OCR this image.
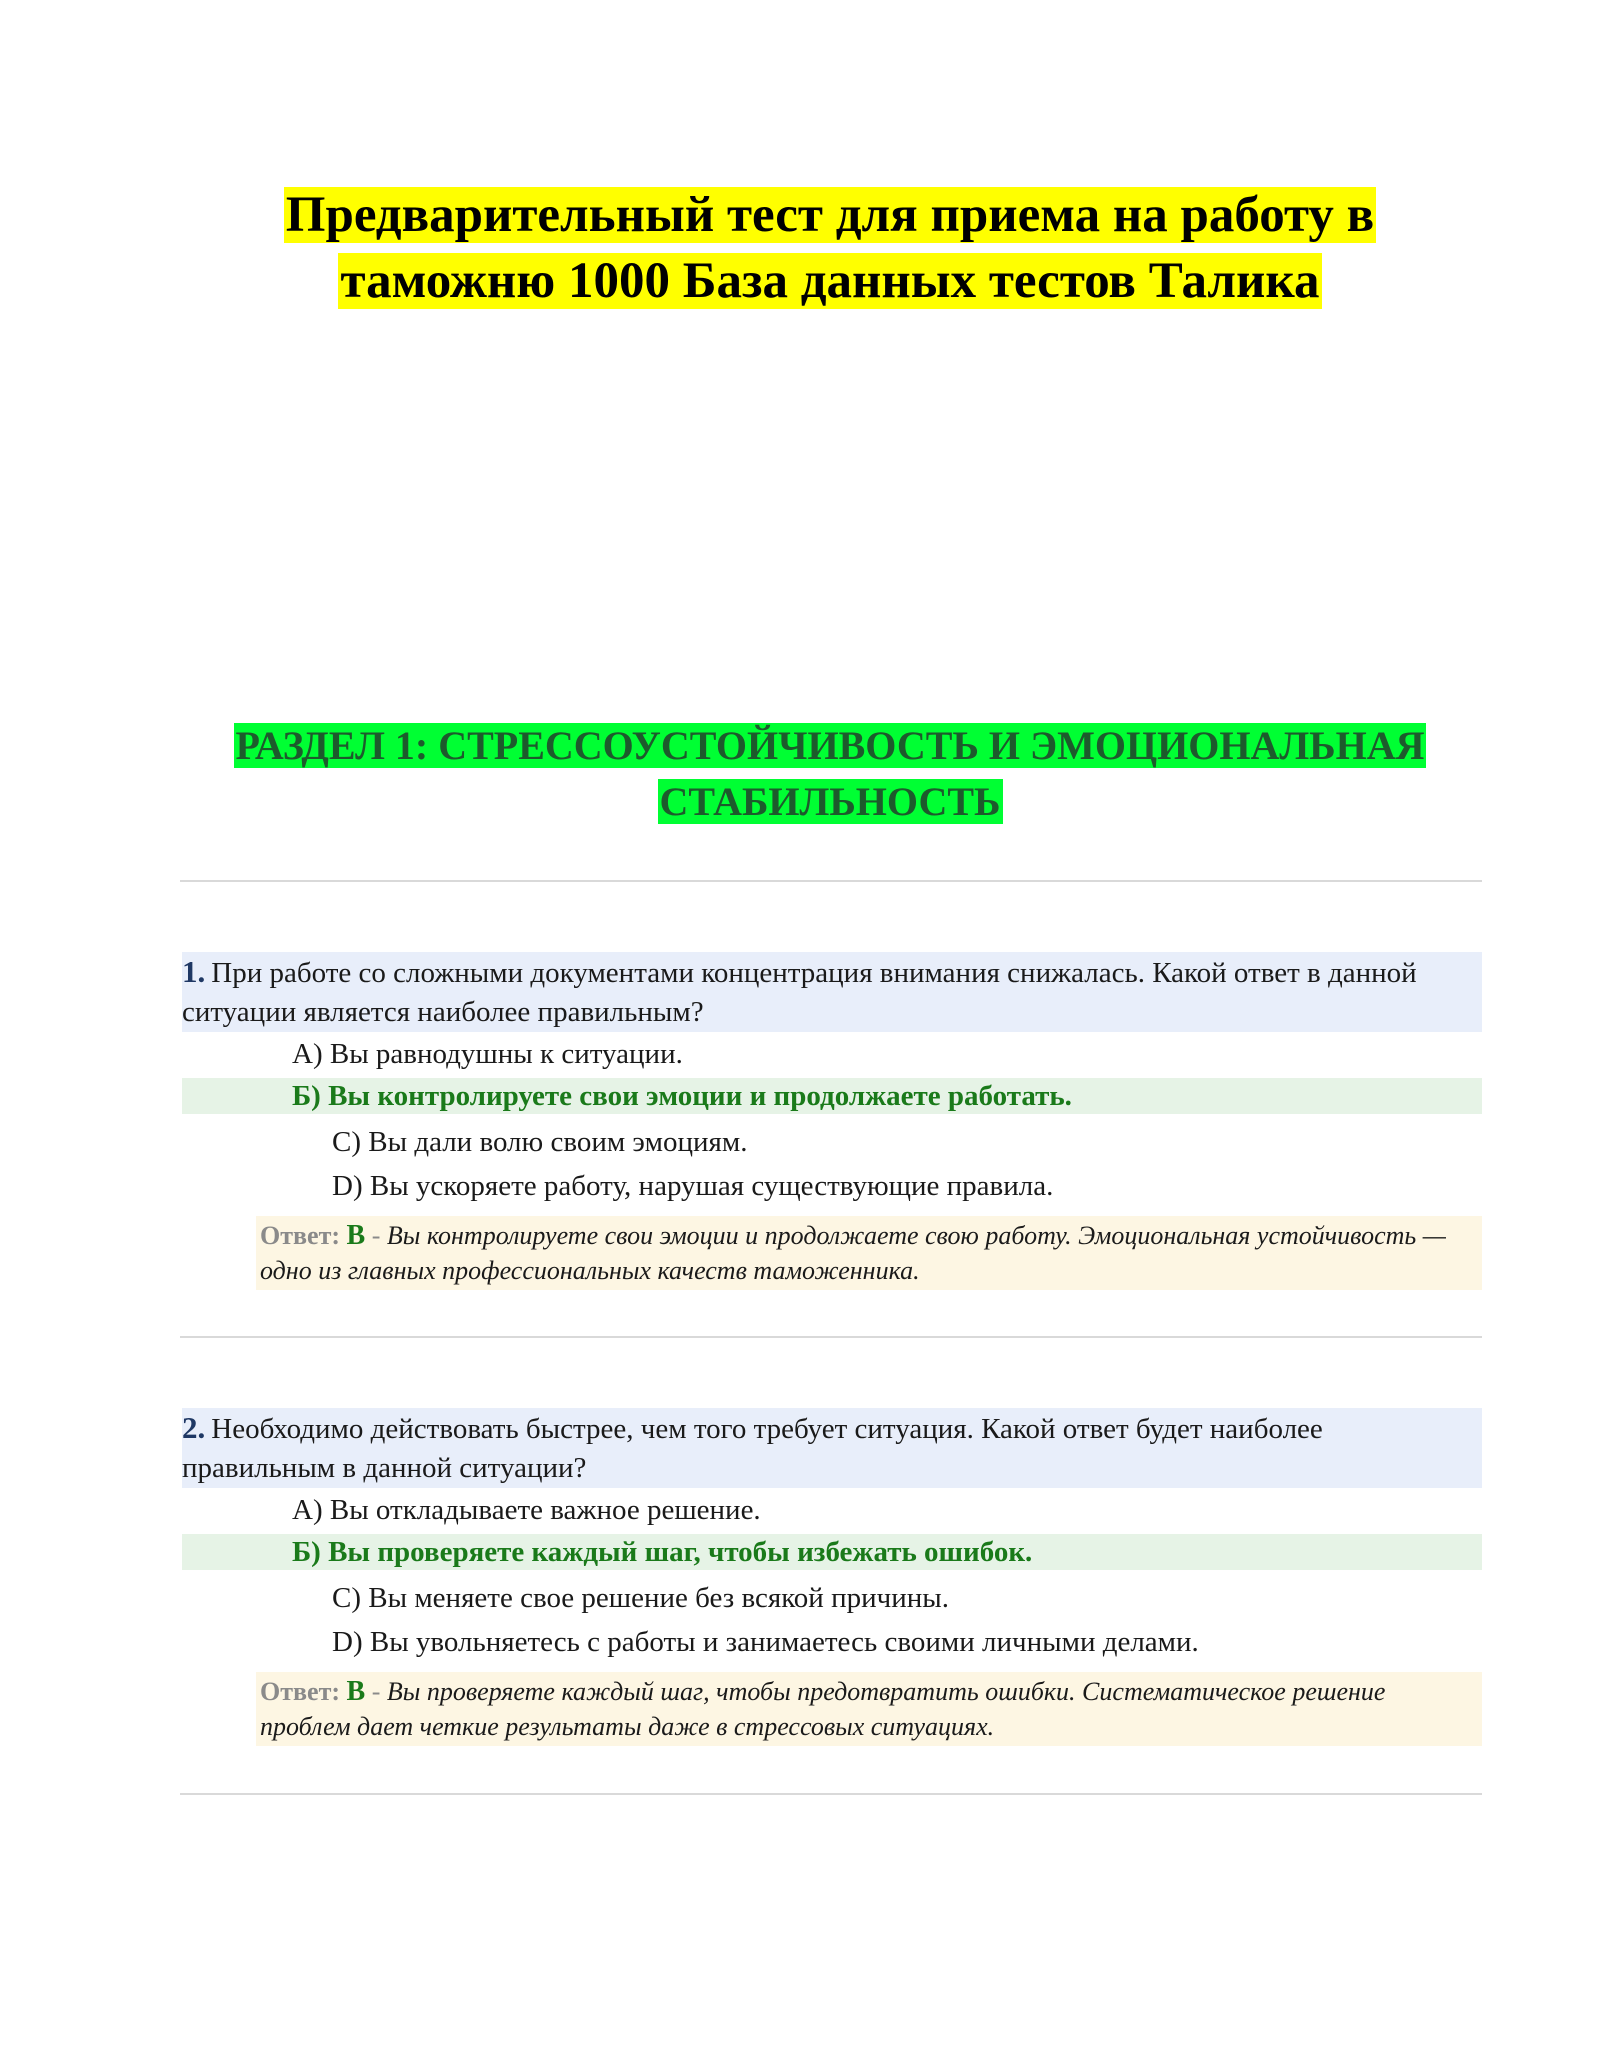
Предварительный тест для приема на работу в
таможню 1000 База данных тестов Талика
РАЗДЕЛ 1: СТРЕССОУСТОЙЧИВОСТЬ И ЭМОЦИОНАЛЬНАЯ
СТАБИЛЬНОСТЬ

1. При работе со сложными документами концентрация внимания снижалась. Какой ответ в данной ситуации является наиболее правильным?

A) Вы равнодушны к ситуации.
Б) Вы контролируете свои эмоции и продолжаете работать.
C) Вы дали волю своим эмоциям.
D) Вы ускоряете работу, нарушая существующие правила.
Ответ: B - Вы контролируете свои эмоции и продолжаете свою работу. Эмоциональная устойчивость — одно из главных профессиональных качеств таможенника.

2. Необходимо действовать быстрее, чем того требует ситуация. Какой ответ будет наиболее правильным в данной ситуации?

A) Вы откладываете важное решение.
Б) Вы проверяете каждый шаг, чтобы избежать ошибок.
C) Вы меняете свое решение без всякой причины.
D) Вы увольняетесь с работы и занимаетесь своими личными делами.
Ответ: B - Вы проверяете каждый шаг, чтобы предотвратить ошибки. Систематическое решение проблем дает четкие результаты даже в стрессовых ситуациях.
